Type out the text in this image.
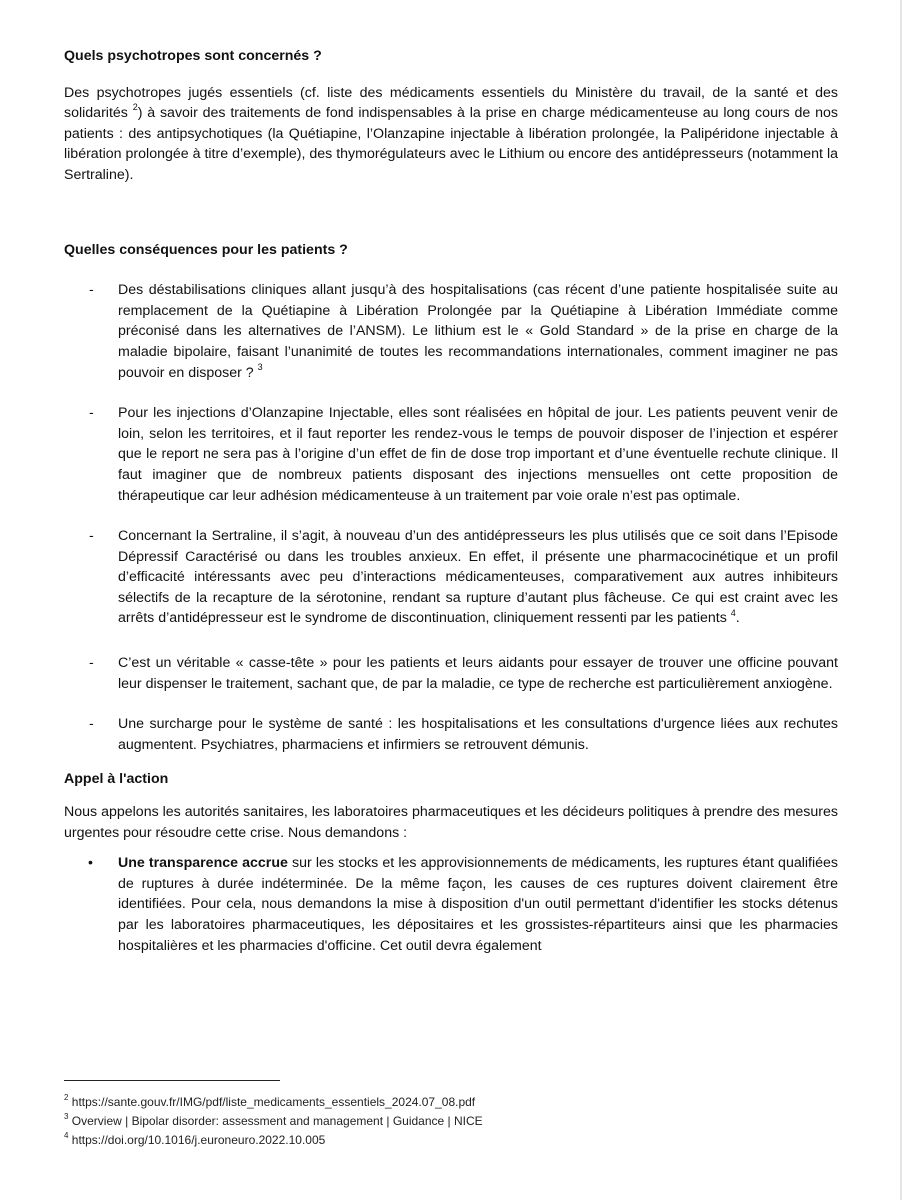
Quels psychotropes sont concernés ?

Des psychotropes jugés essentiels (cf. liste des médicaments essentiels du Ministère du travail, de la santé et des solidarités $^2$) à savoir des traitements de fond indispensables à la prise en charge médicamenteuse au long cours de nos patients : des antipsychotiques (la Quétiapine, l’Olanzapine injectable à libération prolongée, la Palipéridone injectable à libération prolongée à titre d’exemple), des thymorégulateurs avec le Lithium ou encore des antidépresseurs (notamment la Sertraline).

Quelles conséquences pour les patients ?
- Des déstabilisations cliniques allant jusqu’à des hospitalisations (cas récent d’une patiente hospitalisée suite au remplacement de la Quétiapine à Libération Prolongée par la Quétiapine à Libération Immédiate comme préconisé dans les alternatives de l’ANSM). Le lithium est le « Gold Standard » de la prise en charge de la maladie bipolaire, faisant l’unanimité de toutes les recommandations internationales, comment imaginer ne pas pouvoir en disposer ? $^3$
- Pour les injections d’Olanzapine Injectable, elles sont réalisées en hôpital de jour. Les patients peuvent venir de loin, selon les territoires, et il faut reporter les rendez-vous le temps de pouvoir disposer de l’injection et espérer que le report ne sera pas à l’origine d’un effet de fin de dose trop important et d’une éventuelle rechute clinique. Il faut imaginer que de nombreux patients disposant des injections mensuelles ont cette proposition de thérapeutique car leur adhésion médicamenteuse à un traitement par voie orale n’est pas optimale.
- Concernant la Sertraline, il s’agit, à nouveau d’un des antidépresseurs les plus utilisés que ce soit dans l’Episode Dépressif Caractérisé ou dans les troubles anxieux. En effet, il présente une pharmacocinétique et un profil d’efficacité intéressants avec peu d’interactions médicamenteuses, comparativement aux autres inhibiteurs sélectifs de la recapture de la sérotonine, rendant sa rupture d’autant plus fâcheuse. Ce qui est craint avec les arrêts d’antidépresseur est le syndrome de discontinuation, cliniquement ressenti par les patients $^4$.
- C’est un véritable « casse-tête » pour les patients et leurs aidants pour essayer de trouver une officine pouvant leur dispenser le traitement, sachant que, de par la maladie, ce type de recherche est particulièrement anxiogène.
- Une surcharge pour le système de santé : les hospitalisations et les consultations d'urgence liées aux rechutes augmentent. Psychiatres, pharmaciens et infirmiers se retrouvent démunis.
Appel à l'action

Nous appelons les autorités sanitaires, les laboratoires pharmaceutiques et les décideurs politiques à prendre des mesures urgentes pour résoudre cette crise. Nous demandons :

• Une transparence accrue sur les stocks et les approvisionnements de médicaments, les ruptures étant qualifiées de ruptures à durée indéterminée. De la même façon, les causes de ces ruptures doivent clairement être identifiées. Pour cela, nous demandons la mise à disposition d'un outil permettant d'identifier les stocks détenus par les laboratoires pharmaceutiques, les dépositaires et les grossistes-répartiteurs ainsi que les pharmacies hospitalières et les pharmacies d'officine. Cet outil devra également
$^2$ https://sante.gouv.fr/IMG/pdf/liste_medicaments_essentiels_2024.07_08.pdf
$^3$ Overview | Bipolar disorder: assessment and management | Guidance | NICE
$^4$ https://doi.org/10.1016/j.euroneuro.2022.10.005
